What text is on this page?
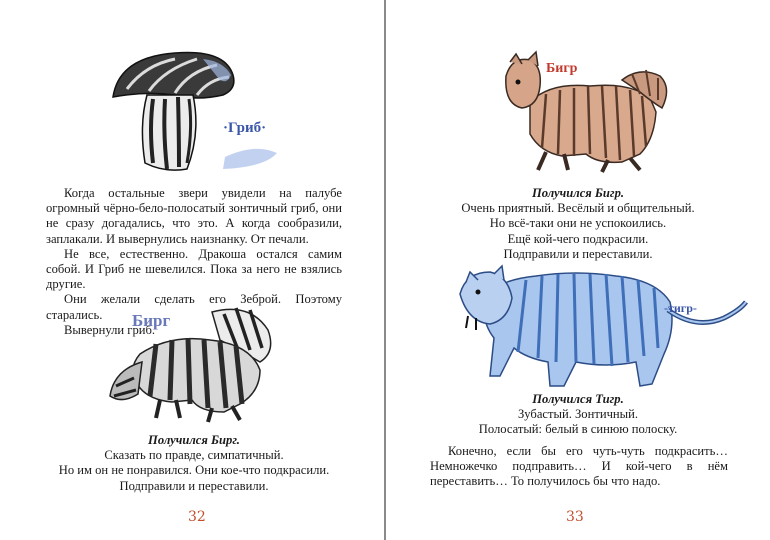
·Гриб·

Когда остальные звери увидели на палубе огромный чёрно-бело-полосатый зонтичный гриб, они не сразу догадались, что это. А когда сообразили, заплакали. И вывернулись наизнанку. От печали.

Не все, естественно. Дракоша остался самим собой. И Гриб не шевелился. Пока за него не взялись другие.

Они желали сделать его Зеброй. Поэтому старались.

Вывернули гриб.

Бирг
Получился Бирг.
Сказать по правде, симпатичный.
Но им он не понравился. Они кое-что подкрасили.
Подправили и переставили.
32
Бигр
Получился Бигр.
Очень приятный. Весёлый и общительный.
Но всё-таки они не успокоились.
Ещё кой-чего подкрасили.
Подправили и переставили.
-тигр-
Получился Тигр.
Зубастый. Зонтичный.
Полосатый: белый в синюю полоску.

Конечно, если бы его чуть-чуть подкрасить… Немножечко подправить… И кой-чего в нём переставить… То получилось бы что надо.

33
